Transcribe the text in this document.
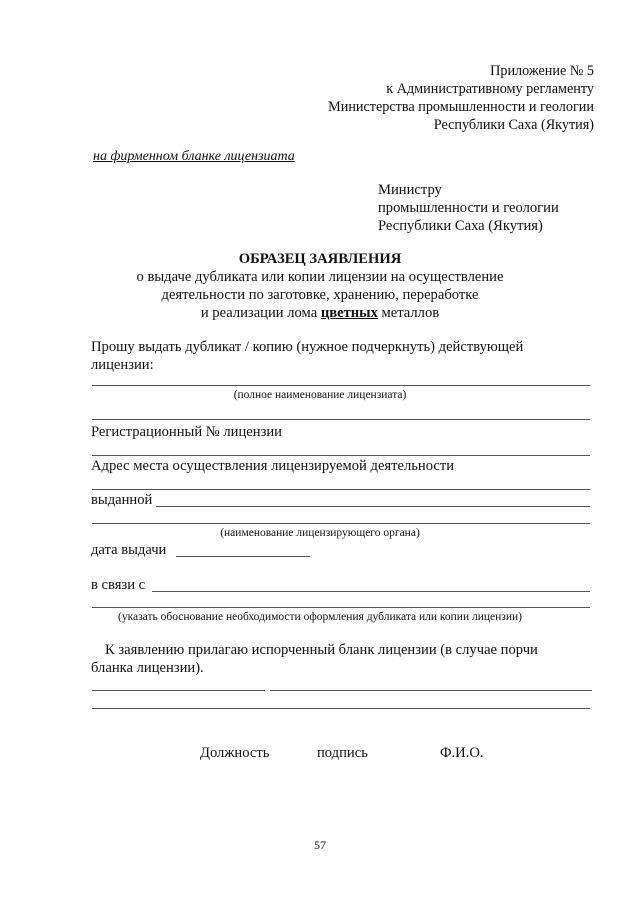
Приложение № 5
к Административному регламенту
Министерства промышленности и геологии
Республики Саха (Якутия)
на фирменном бланке лицензиата
Министру
промышленности и геологии
Республики Саха (Якутия)
ОБРАЗЕЦ ЗАЯВЛЕНИЯ
о выдаче дубликата или копии лицензии на осуществление
деятельности по заготовке, хранению, переработке
и реализации лома цветных металлов
Прошу выдать дубликат / копию (нужное подчеркнуть) действующей
лицензии:
(полное наименование лицензиата)
Регистрационный № лицензии
Адрес места осуществления лицензируемой деятельности
выданной
(наименование лицензирующего органа)
дата выдачи
в связи с
(указать обоснование необходимости оформления дубликата или копии лицензии)
К заявлению прилагаю испорченный бланк лицензии (в случае порчи
бланка лицензии).
Должность	подпись	Ф.И.О.
57
